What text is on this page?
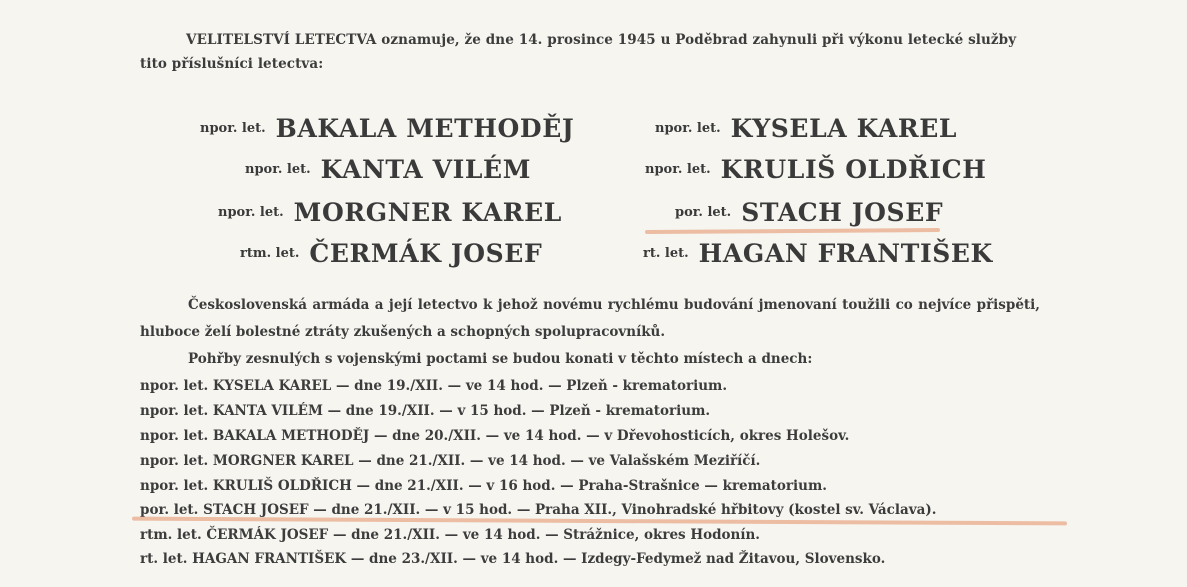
VELITELSTVÍ LETECTVA oznamuje, že dne 14. prosince 1945 u Poděbrad zahynuli při výkonu letecké služby tito příslušníci letectva:
npor. let. BAKALA METHODĚJ
npor. let. KANTA VILÉM
npor. let. MORGNER KAREL
rtm. let. ČERMÁK JOSEF
npor. let. KYSELA KAREL
npor. let. KRULIŠ OLDŘICH
por. let. STACH JOSEF
rt. let. HAGAN FRANTIŠEK
Československá armáda a její letectvo k jehož novému rychlému budování jmenovaní toužili co nejvíce přispěti, hluboce želí bolestné ztráty zkušených a schopných spolupracovníků.
Pohřby zesnulých s vojenskými poctami se budou konati v těchto místech a dnech:
npor. let. KYSELA KAREL — dne 19./XII. — ve 14 hod. — Plzeň - krematorium.
npor. let. KANTA VILÉM — dne 19./XII. — v 15 hod. — Plzeň - krematorium.
npor. let. BAKALA METHODĚJ — dne 20./XII. — ve 14 hod. — v Dřevohosticích, okres Holešov.
npor. let. MORGNER KAREL — dne 21./XII. — ve 14 hod. — ve Valašském Meziříčí.
npor. let. KRULIŠ OLDŘICH — dne 21./XII. — v 16 hod. — Praha-Strašnice — krematorium.
por. let. STACH JOSEF — dne 21./XII. — v 15 hod. — Praha XII., Vinohradské hřbitovy (kostel sv. Václava).
rtm. let. ČERMÁK JOSEF — dne 21./XII. — ve 14 hod. — Strážnice, okres Hodonín.
rt. let. HAGAN FRANTIŠEK — dne 23./XII. — ve 14 hod. — Izdegy-Fedymež nad Žitavou, Slovensko.
